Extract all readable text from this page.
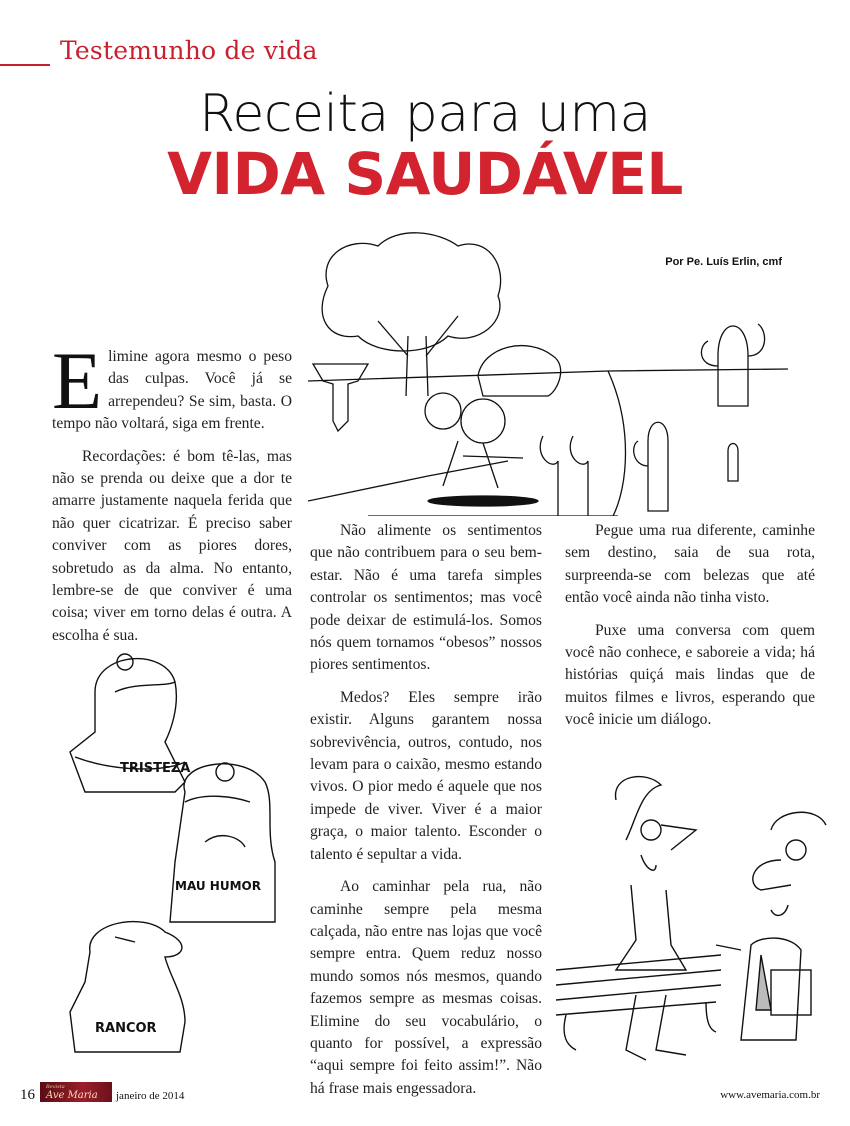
Testemunho de vida
Receita para uma
VIDA SAUDÁVEL
Por Pe. Luís Erlin, cmf

Elimine agora mesmo o peso das culpas. Você já se arrependeu? Se sim, basta. O tempo não voltará, siga em frente.

Recordações: é bom tê-las, mas não se prenda ou deixe que a dor te amarre justamente naquela ferida que não quer cicatrizar. É preciso saber conviver com as piores dores, sobretudo as da alma. No entanto, lembre-se de que conviver é uma coisa; viver em torno delas é outra. A escolha é sua.

TRISTEZA
MAU HUMOR
RANCOR

Não alimente os sentimentos que não contribuem para o seu bem-estar. Não é uma tarefa simples controlar os sentimentos; mas você pode deixar de estimulá-los. Somos nós quem tornamos “obesos” nossos piores sentimentos.

Medos? Eles sempre irão existir. Alguns garantem nossa sobrevivência, outros, contudo, nos levam para o caixão, mesmo estando vivos. O pior medo é aquele que nos impede de viver. Viver é a maior graça, o maior talento. Esconder o talento é sepultar a vida.

Ao caminhar pela rua, não caminhe sempre pela mesma calçada, não entre nas lojas que você sempre entra. Quem reduz nosso mundo somos nós mesmos, quando fazemos sempre as mesmas coisas. Elimine do seu vocabulário, o quanto for possível, a expressão “aqui sempre foi feito assim!”. Não há frase mais engessadora.

Pegue uma rua diferente, caminhe sem destino, saia de sua rota, surpreenda-se com belezas que até então você ainda não tinha visto.

Puxe uma conversa com quem você não conhece, e saboreie a vida; há histórias quiçá mais lindas que de muitos filmes e livros, esperando que você inicie um diálogo.

16
Revista
Ave Maria	janeiro de 2014	www.avemaria.com.br
